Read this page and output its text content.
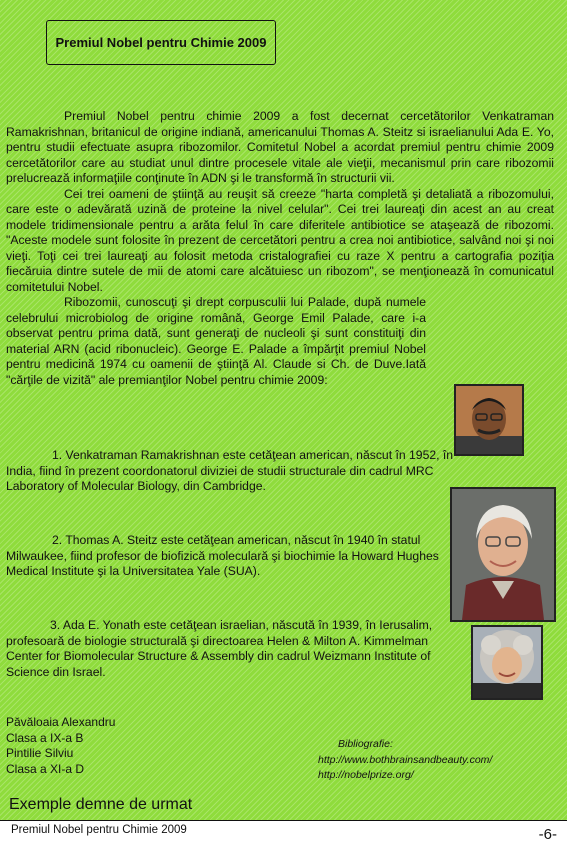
Premiul Nobel pentru Chimie 2009

Premiul Nobel pentru chimie 2009 a fost decernat cercetătorilor Venkatraman Ramakrishnan, britanicul de origine indiană, americanului Thomas A. Steitz si israelianului Ada E. Yo, pentru studii efectuate asupra ribozomilor. Comitetul Nobel a acordat premiul pentru chimie 2009 cercetătorilor care au studiat unul dintre procesele vitale ale vieţii, mecanismul prin care ribozomii prelucrează informaţiile conţinute în ADN şi le transformă în structurii vii.

Cei trei oameni de ştiinţă au reuşit să creeze "harta completă şi detaliată a ribozomului, care este o adevărată uzină de proteine la nivel celular". Cei trei laureaţi din acest an au creat modele tridimensionale pentru a arăta felul în care diferitele antibiotice se ataşează de ribozomi. "Aceste modele sunt folosite în prezent de cercetători pentru a crea noi antibiotice, salvând noi şi noi vieţi. Toţi cei trei laureaţi au folosit metoda cristalografiei cu raze X pentru a cartografia poziţia fiecăruia dintre sutele de mii de atomi care alcătuiesc un ribozom", se menţionează în comunicatul comitetului Nobel.

Ribozomii, cunoscuţi şi drept corpusculii lui Palade, după numele celebrului microbiolog de origine română, George Emil Palade, care i-a observat pentru prima dată, sunt generaţi de nucleoli şi sunt constituiţi din material ARN (acid ribonucleic). George E. Palade a împărţit premiul Nobel pentru medicină 1974 cu oamenii de ştiinţă Al. Claude si Ch. de Duve.Iată "cărţile de vizită" ale premianţilor Nobel pentru chimie 2009:

1. Venkatraman Ramakrishnan este cetăţean american, născut în 1952, în India, fiind în prezent coordonatorul diviziei de studii structurale din cadrul MRC Laboratory of Molecular Biology, din Cambridge.

2. Thomas A. Steitz este cetăţean american, născut în 1940 în statul Milwaukee, fiind profesor de biofizică moleculară şi biochimie la Howard Hughes Medical Institute şi la Universitatea Yale (SUA).

3. Ada E. Yonath este cetăţean israelian, născută în 1939, în Ierusalim, profesoară de biologie structurală şi directoarea Helen & Milton A. Kimmelman Center for Biomolecular Structure & Assembly din cadrul Weizmann Institute of Science din Israel.

Păvăloaia Alexandru
Clasa a IX-a B
Pintilie Silviu
Clasa a XI-a D
Bibliografie:
http://www.bothbrainsandbeauty.com/
http://nobelprize.org/
Exemple demne de urmat
Premiul Nobel pentru Chimie 2009	-6-
